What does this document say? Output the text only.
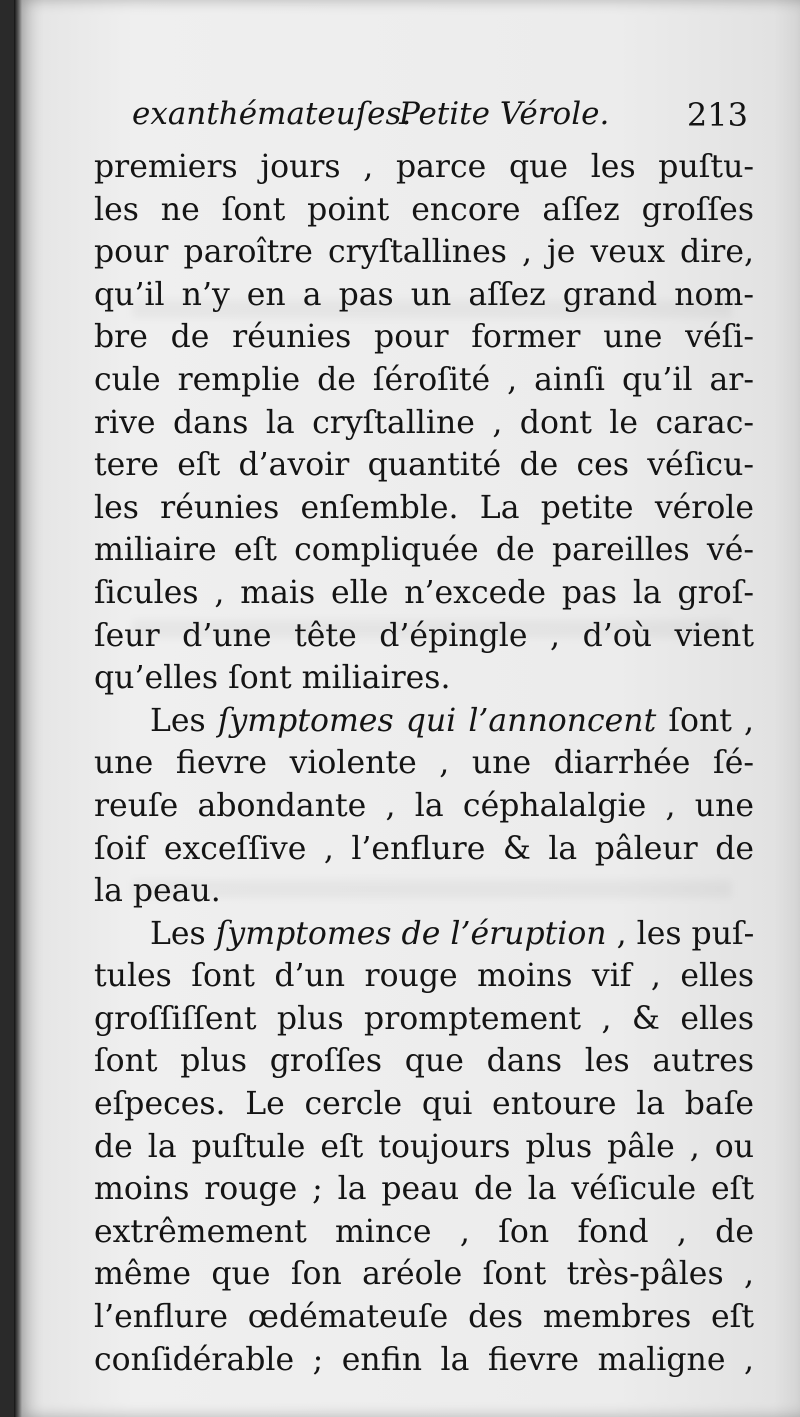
exanthémateuſes.
Petite Vérole. 213
premiers jours , parce que les puſtu-
les ne ſont point encore aſſez groſſes
pour paroître cryſtallines , je veux dire,
qu’il n’y en a pas un aſſez grand nom-
bre de réunies pour former une véſi-
cule remplie de ſéroſité , ainſi qu’il ar-
rive dans la cryſtalline , dont le carac-
tere eſt d’avoir quantité de ces véſicu-
les réunies enſemble. La petite vérole
miliaire eſt compliquée de pareilles vé-
ſicules , mais elle n’excede pas la groſ-
ſeur d’une tête d’épingle , d’où vient
qu’elles ſont miliaires.
Les ſymptomes qui l’annoncent ſont ,
une fievre violente , une diarrhée ſé-
reuſe abondante , la céphalalgie , une
ſoif exceſſive , l’enflure & la pâleur de
la peau.
Les ſymptomes de l’éruption , les puſ-
tules ſont d’un rouge moins vif , elles
groſſiſſent plus promptement , & elles
ſont plus groſſes que dans les autres
eſpeces. Le cercle qui entoure la baſe
de la puſtule eſt toujours plus pâle , ou
moins rouge ; la peau de la véſicule eſt
extrêmement mince , ſon fond , de
même que ſon aréole ſont très-pâles ,
l’enflure œdémateuſe des membres eſt
conſidérable ; enfin la fievre maligne ,
